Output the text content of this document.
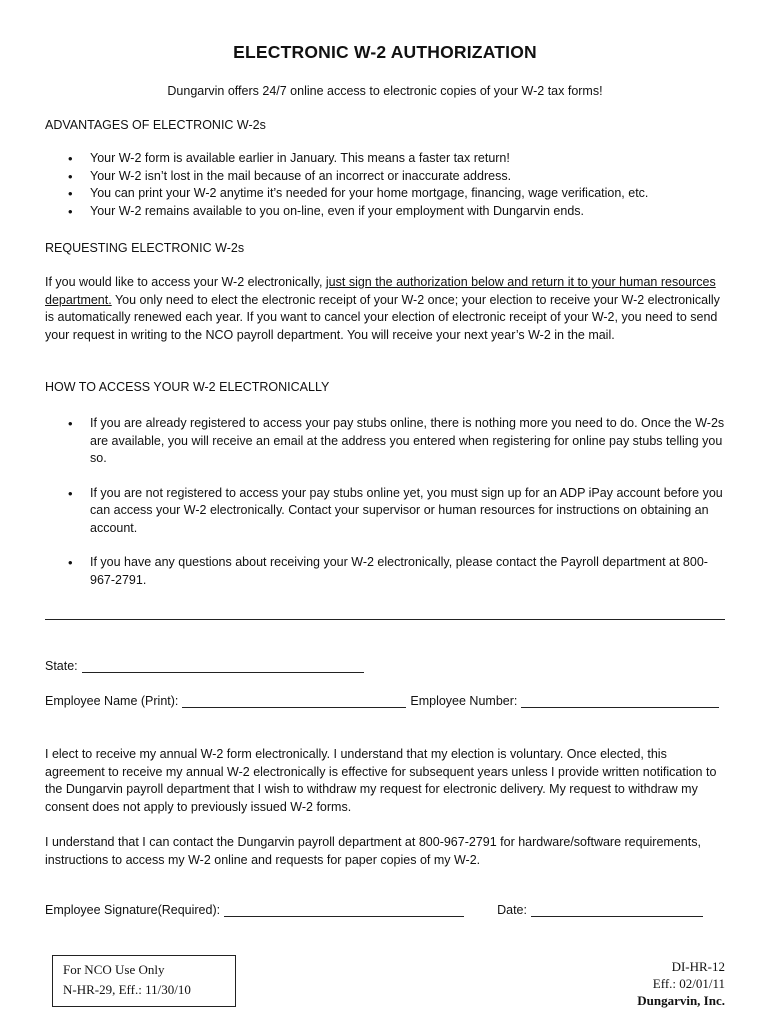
ELECTRONIC W-2 AUTHORIZATION
Dungarvin offers 24/7 online access to electronic copies of your W-2 tax forms!
ADVANTAGES OF ELECTRONIC W-2s
• Your W-2 form is available earlier in January. This means a faster tax return!
• Your W-2 isn’t lost in the mail because of an incorrect or inaccurate address.
• You can print your W-2 anytime it’s needed for your home mortgage, financing, wage verification, etc.
• Your W-2 remains available to you on-line, even if your employment with Dungarvin ends.
REQUESTING ELECTRONIC W-2s
If you would like to access your W-2 electronically, just sign the authorization below and return it to your human resources department. You only need to elect the electronic receipt of your W-2 once; your election to receive your W-2 electronically is automatically renewed each year. If you want to cancel your election of electronic receipt of your W-2, you need to send your request in writing to the NCO payroll department. You will receive your next year’s W-2 in the mail.
HOW TO ACCESS YOUR W-2 ELECTRONICALLY
• If you are already registered to access your pay stubs online, there is nothing more you need to do. Once the W-2s are available, you will receive an email at the address you entered when registering for online pay stubs telling you so.
• If you are not registered to access your pay stubs online yet, you must sign up for an ADP iPay account before you can access your W-2 electronically. Contact your supervisor or human resources for instructions on obtaining an account.
• If you have any questions about receiving your W-2 electronically, please contact the Payroll department at 800-967-2791.
State:
Employee Name (Print):	Employee Number:
I elect to receive my annual W-2 form electronically. I understand that my election is voluntary. Once elected, this agreement to receive my annual W-2 electronically is effective for subsequent years unless I provide written notification to the Dungarvin payroll department that I wish to withdraw my request for electronic delivery. My request to withdraw my consent does not apply to previously issued W-2 forms.
I understand that I can contact the Dungarvin payroll department at 800-967-2791 for hardware/software requirements, instructions to access my W-2 online and requests for paper copies of my W-2.
Employee Signature(Required):	Date:
For NCO Use Only
N-HR-29, Eff.: 11/30/10
DI-HR-12
Eff.: 02/01/11
Dungarvin, Inc.
